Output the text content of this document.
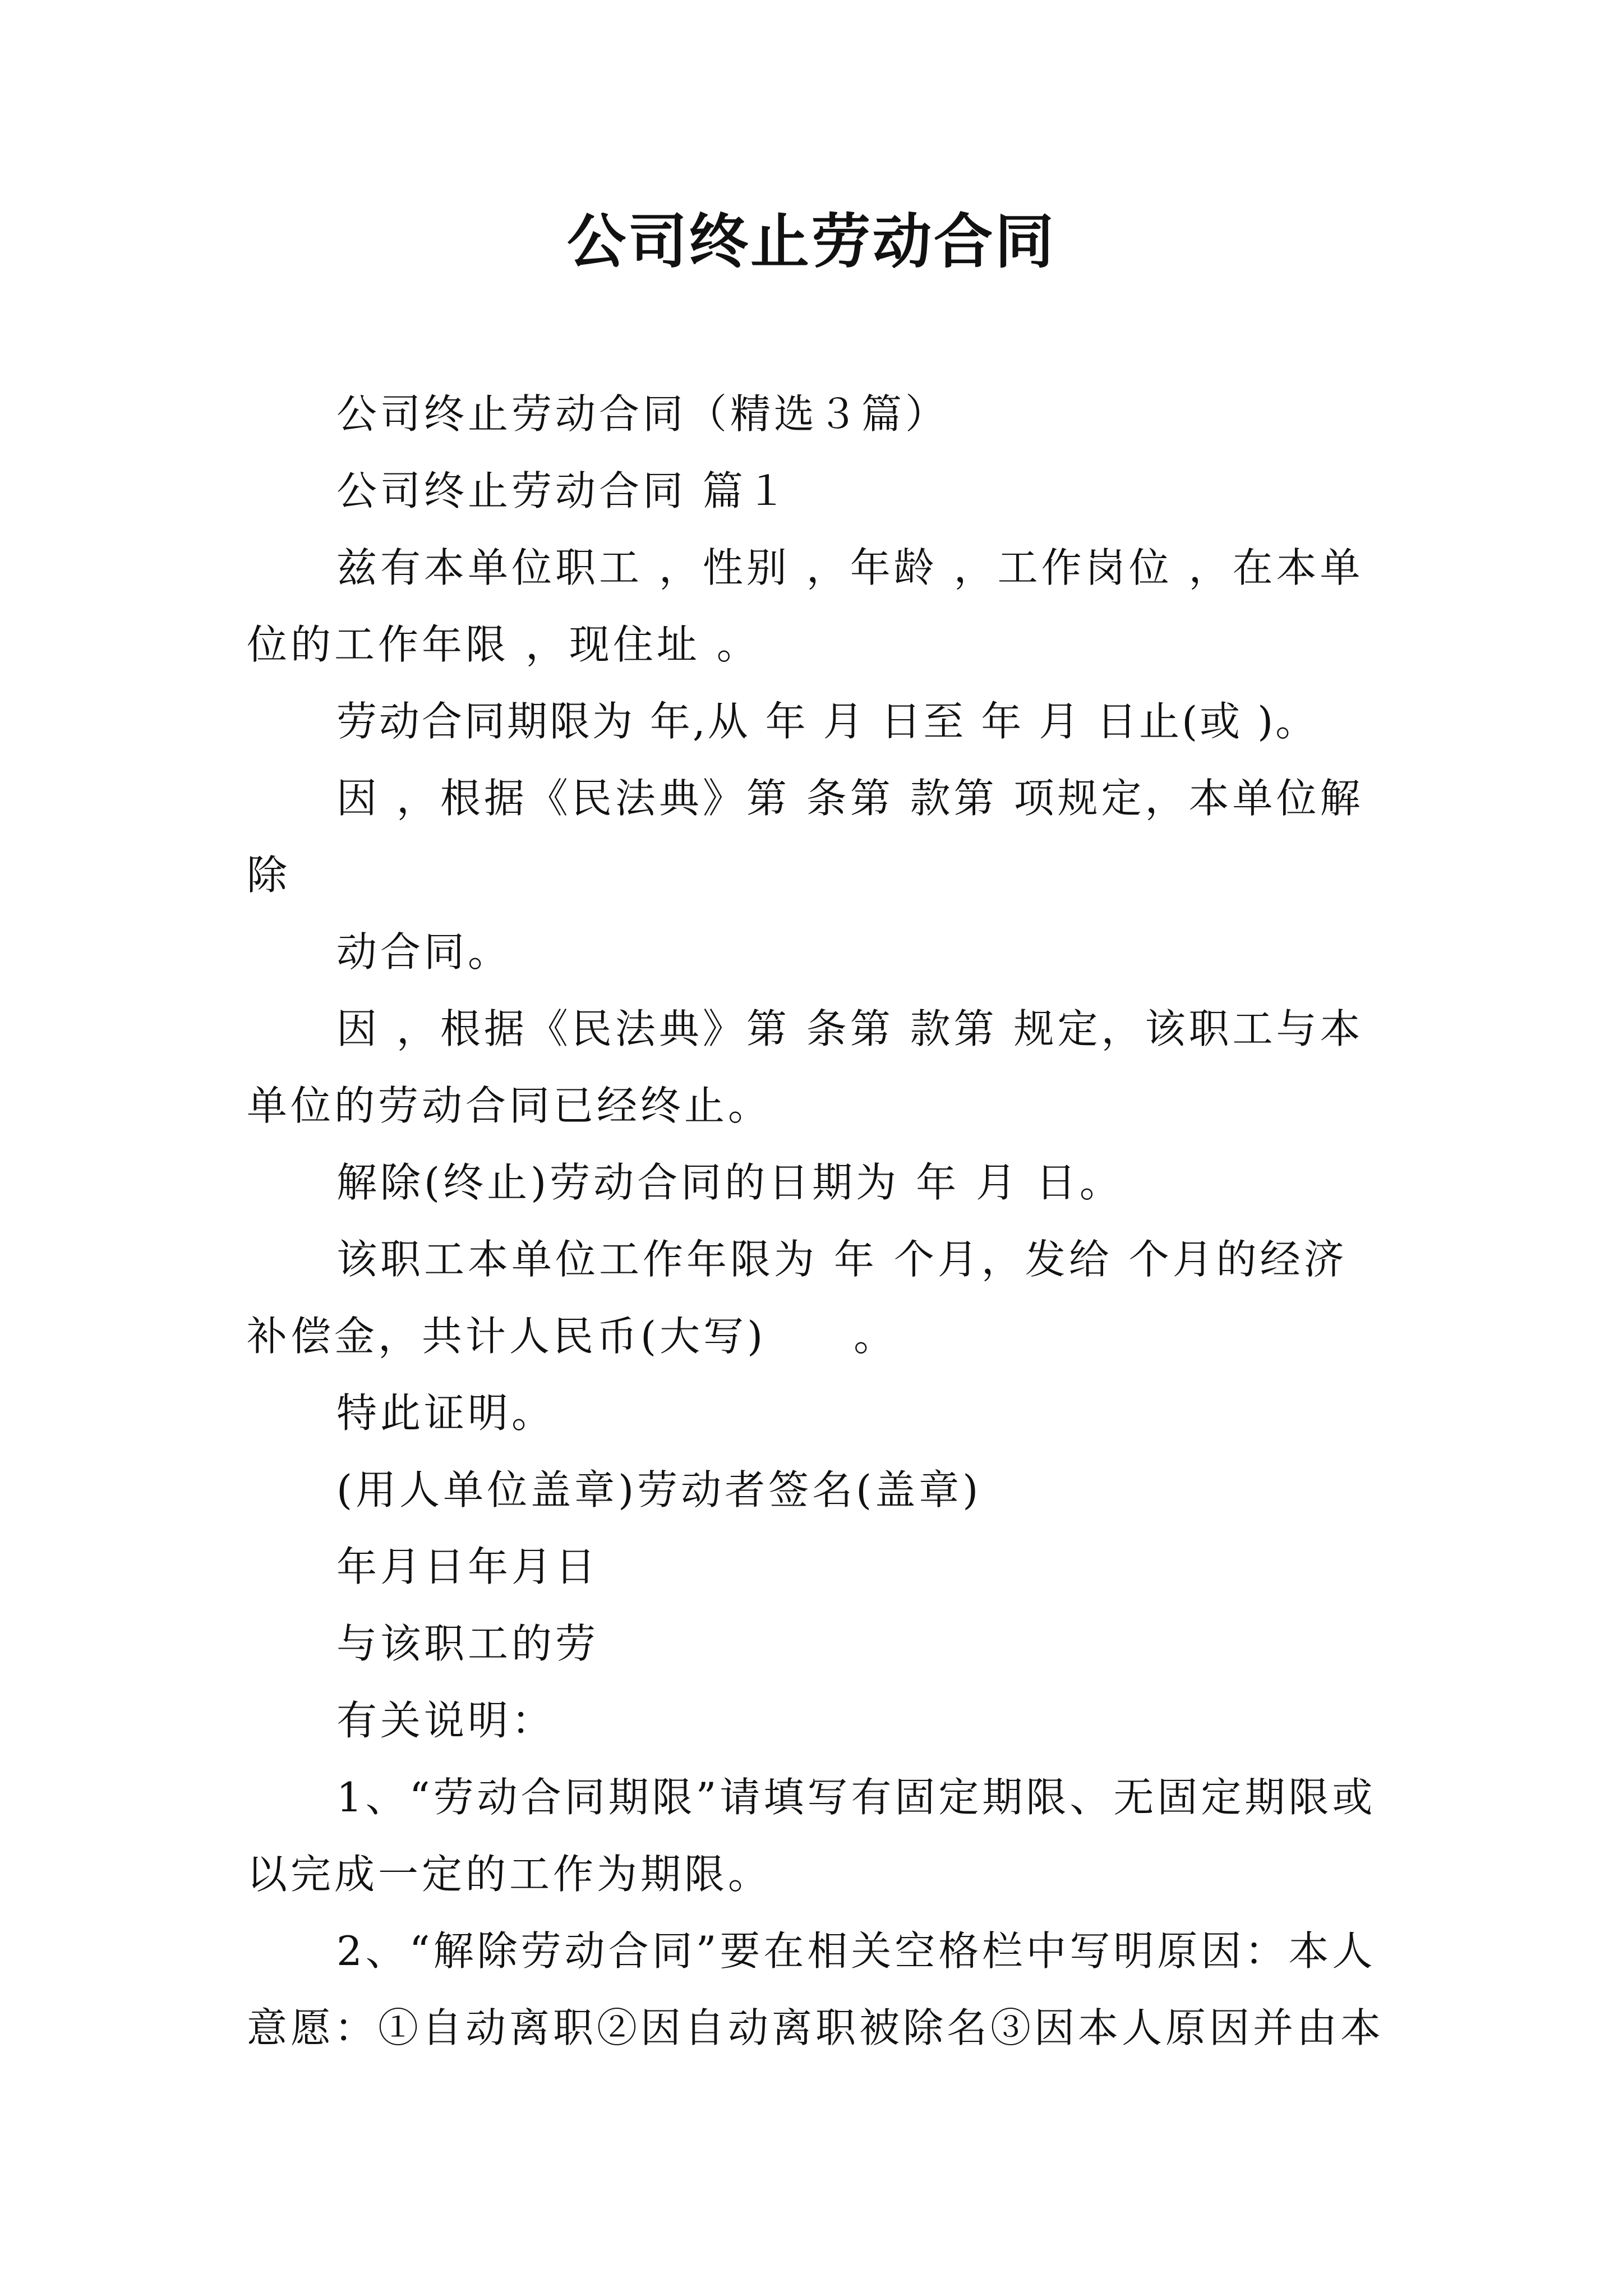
公司终止劳动合同

公司终止劳动合同（精选３篇）

公司终止劳动合同 篇１

兹有本单位职工 ，性别 ，年龄 ，工作岗位 ，在本单位的工作年限 ，现住址 。

劳动合同期限为 年,从 年 月 日至 年 月 日止(或 )。

因 ，根据《民法典》第 条第 款第 项规定，本单位解除

动合同。

因 ，根据《民法典》第 条第 款第 规定，该职工与本单位的劳动合同已经终止。

解除(终止)劳动合同的日期为 年 月 日。

该职工本单位工作年限为 年 个月，发给 个月的经济补偿金，共计人民币(大写)　　。

特此证明。

(用人单位盖章)劳动者签名(盖章)

年月日年月日

与该职工的劳

有关说明：

1、“劳动合同期限”请填写有固定期限、无固定期限或以完成一定的工作为期限。

2、“解除劳动合同”要在相关空格栏中写明原因：本人意愿：①自动离职②因自动离职被除名③因本人原因并由本
